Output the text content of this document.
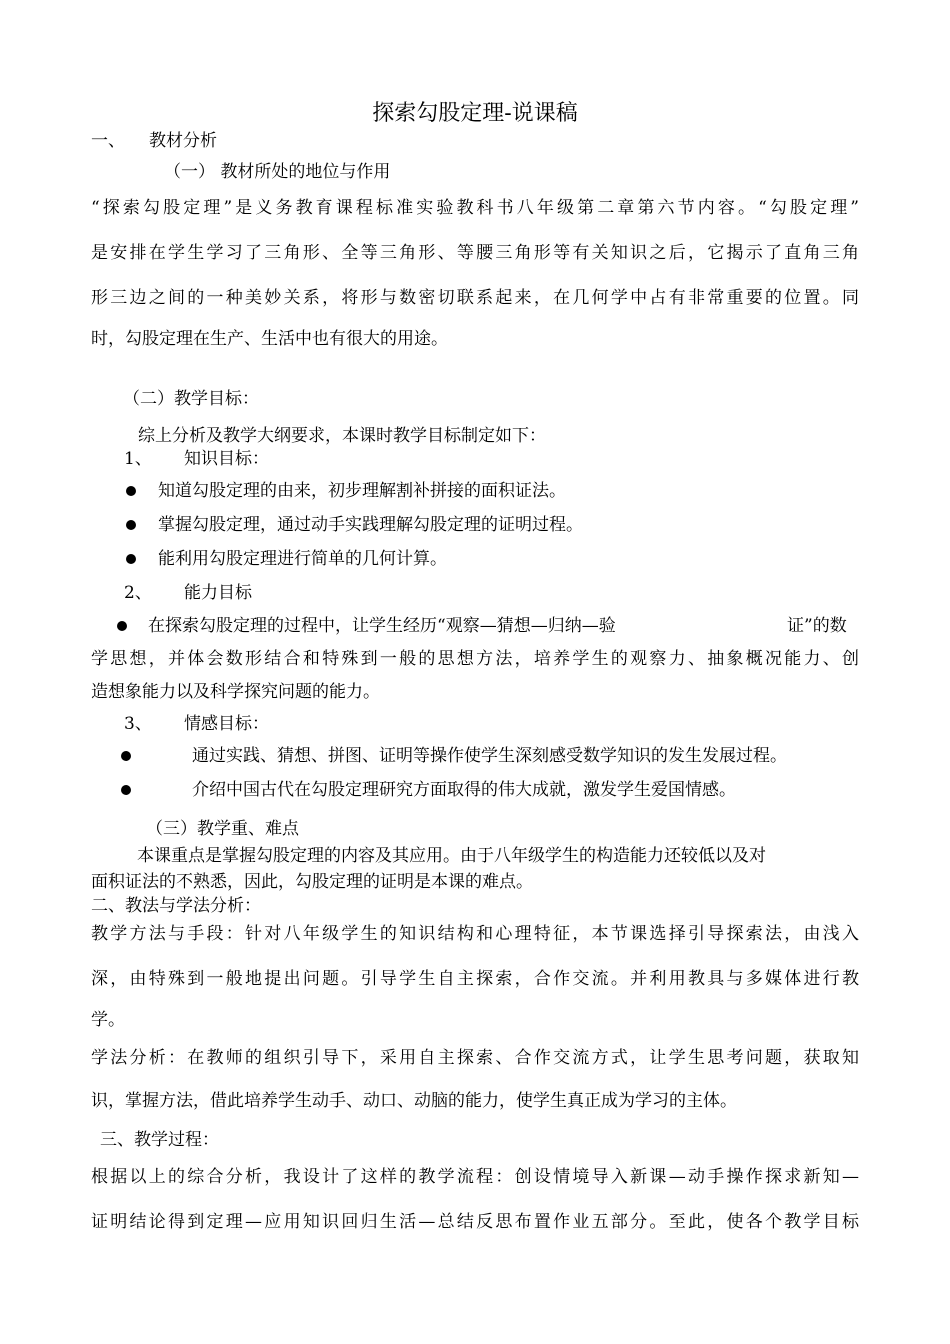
探索勾股定理-说课稿
一、 教材分析
（一） 教材所处的地位与作用
“探索勾股定理”是义务教育课程标准实验教科书八年级第二章第六节内容。“勾股定理”
是安排在学生学习了三角形、全等三角形、等腰三角形等有关知识之后，它揭示了直角三角
形三边之间的一种美妙关系，将形与数密切联系起来，在几何学中占有非常重要的位置。同
时，勾股定理在生产、生活中也有很大的用途。
（二）教学目标：
综上分析及教学大纲要求，本课时教学目标制定如下：
1、 知识目标：
知道勾股定理的由来，初步理解割补拼接的面积证法。
掌握勾股定理，通过动手实践理解勾股定理的证明过程。
能利用勾股定理进行简单的几何计算。
2、 能力目标
在探索勾股定理的过程中，让学生经历“观察—猜想—归纳—验	证”的数
学思想，并体会数形结合和特殊到一般的思想方法，培养学生的观察力、抽象概况能力、创
造想象能力以及科学探究问题的能力。
3、 情感目标：
通过实践、猜想、拼图、证明等操作使学生深刻感受数学知识的发生发展过程。
介绍中国古代在勾股定理研究方面取得的伟大成就，激发学生爱国情感。
（三）教学重、难点
本课重点是掌握勾股定理的内容及其应用。由于八年级学生的构造能力还较低以及对
面积证法的不熟悉，因此，勾股定理的证明是本课的难点。
二、教法与学法分析：
教学方法与手段：针对八年级学生的知识结构和心理特征，本节课选择引导探索法，由浅入
深，由特殊到一般地提出问题。引导学生自主探索，合作交流。并利用教具与多媒体进行教
学。
学法分析：在教师的组织引导下，采用自主探索、合作交流方式，让学生思考问题，获取知
识，掌握方法，借此培养学生动手、动口、动脑的能力，使学生真正成为学习的主体。
三、教学过程：
根据以上的综合分析，我设计了这样的教学流程：创设情境导入新课—动手操作探求新知—
证明结论得到定理—应用知识回归生活—总结反思布置作业五部分。至此，使各个教学目标
